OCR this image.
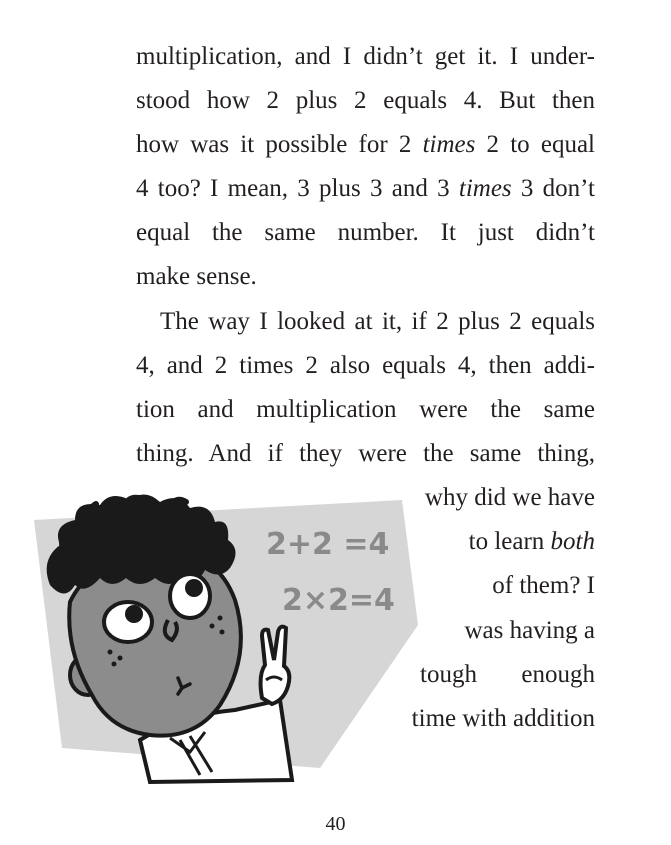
multiplication, and I didn’t get it. I under-
stood how 2 plus 2 equals 4. But then
how was it possible for 2 times 2 to equal
4 too? I mean, 3 plus 3 and 3 times 3 don’t
equal the same number. It just didn’t
make sense.
The way I looked at it, if 2 plus 2 equals
4, and 2 times 2 also equals 4, then addi-
tion and multiplication were the same
thing. And if they were the same thing,
why did we have
to learn both
of them? I
was having a
tough enough
time with addition
2+2 =4
2×2=4
40
